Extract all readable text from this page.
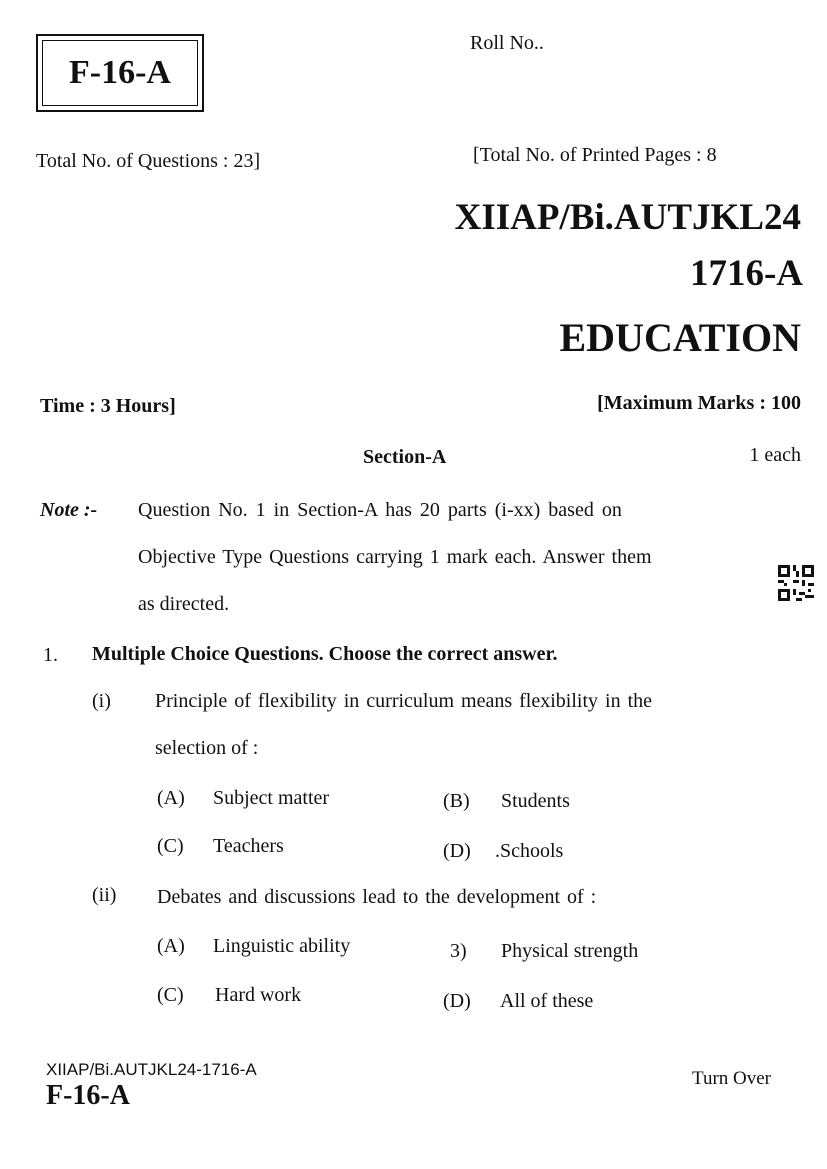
F-16-A
Roll No..
Total No. of Questions : 23]	[Total No. of Printed Pages : 8
XIIAP/Bi.AUTJKL24
1716-A
EDUCATION
Time : 3 Hours]	[Maximum Marks : 100
Section-A	1 each
Note :- Question No. 1 in Section-A has 20 parts (i-xx) based on
Objective Type Questions carrying 1 mark each. Answer them
as directed.
1. Multiple Choice Questions. Choose the correct answer.
(i) Principle of flexibility in curriculum means flexibility in the
selection of :
(A) Subject matter	(B) Students
(C) Teachers	(D) .Schools
(ii) Debates and discussions lead to the development of :
(A) Linguistic ability	3) Physical strength
(C) Hard work	(D) All of these
XIIAP/Bi.AUTJKL24-1716-A
F-16-A
Turn Over
